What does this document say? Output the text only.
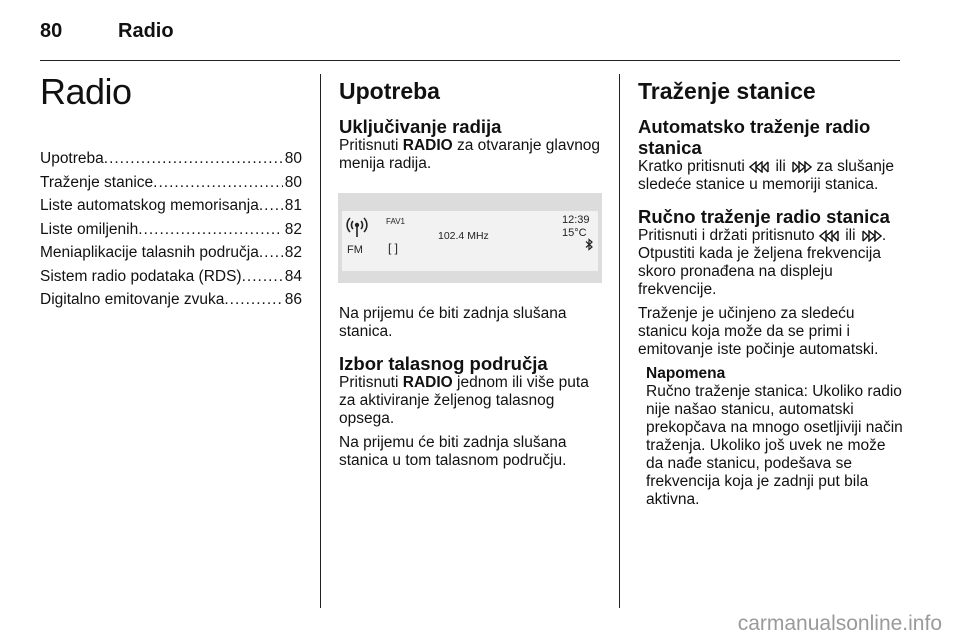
80	Radio
Radio
Upotreba .....	80
Traženje stanice .....	80
Liste automatskog memorisanja ..... 81
Liste omiljenih .....	82
Meniaplikacije talasnih područja ..... 82
Sistem radio podataka (RDS) .....	84
Digitalno emitovanje zvuka .....	86
Upotreba
Uključivanje radija

Pritisnuti RADIO za otvaranje glavnog menija radija.

FAV1
102.4 MHz
12:39
15°C
FM [ ]

Na prijemu će biti zadnja slušana stanica.

Izbor talasnog područja

Pritisnuti RADIO jednom ili više puta za aktiviranje željenog talasnog opsega.

Na prijemu će biti zadnja slušana stanica u tom talasnom području.

Traženje stanice
Automatsko traženje radio stanica

Kratko pritisnuti  ili  za slušanje sledeće stanice u memoriji stanica.

Ručno traženje radio stanica

Pritisnuti i držati pritisnuto  ili . Otpustiti kada je željena frekvencija skoro pronađena na displeju frekvencije.

Traženje je učinjeno za sledeću stanicu koja može da se primi i emitovanje iste počinje automatski.

Napomena
Ručno traženje stanica: Ukoliko radio nije našao stanicu, automatski prekopčava na mnogo osetljiviji način traženja. Ukoliko još uvek ne može da nađe stanicu, podešava se frekvencija koja je zadnji put bila aktivna.
carmanualsonline.info
